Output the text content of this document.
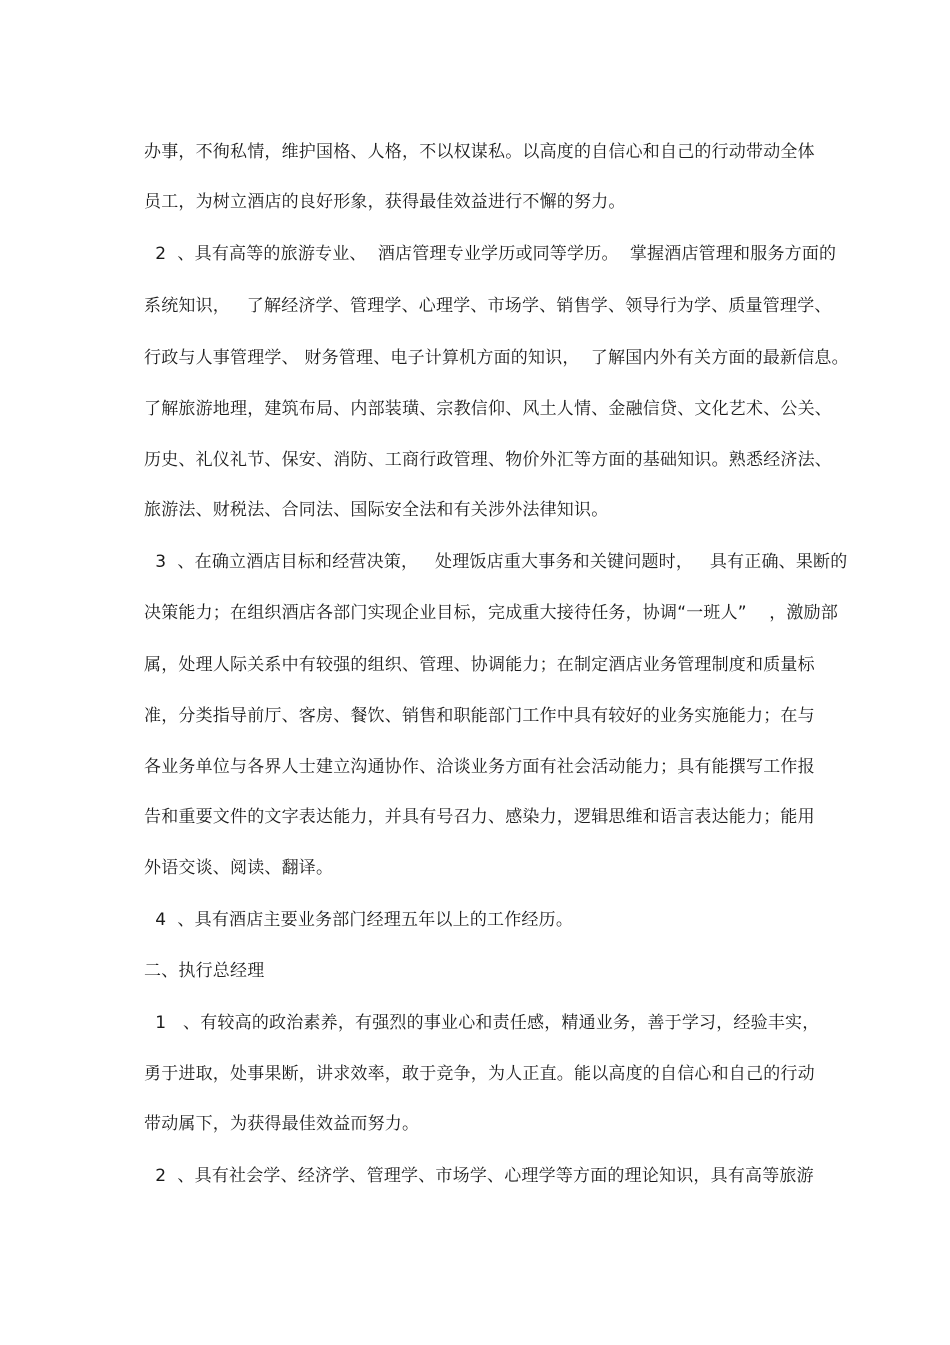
办事，不徇私情，维护国格、人格，不以权谋私。以高度的自信心和自己的行动带动全体
员工，为树立酒店的良好形象，获得最佳效益进行不懈的努力。
2  、具有高等的旅游专业、  酒店管理专业学历或同等学历。  掌握酒店管理和服务方面的
系统知识，   了解经济学、管理学、心理学、市场学、销售学、领导行为学、质量管理学、
行政与人事管理学、 财务管理、电子计算机方面的知识，  了解国内外有关方面的最新信息。
了解旅游地理，建筑布局、内部装璜、宗教信仰、风土人情、金融信贷、文化艺术、公关、
历史、礼仪礼节、保安、消防、工商行政管理、物价外汇等方面的基础知识。熟悉经济法、
旅游法、财税法、合同法、国际安全法和有关涉外法律知识。
3  、在确立酒店目标和经营决策，   处理饭店重大事务和关键问题时，   具有正确、果断的
决策能力；在组织酒店各部门实现企业目标，完成重大接待任务，协调“一班人”    ，激励部
属，处理人际关系中有较强的组织、管理、协调能力；在制定酒店业务管理制度和质量标
准，分类指导前厅、客房、餐饮、销售和职能部门工作中具有较好的业务实施能力；在与
各业务单位与各界人士建立沟通协作、洽谈业务方面有社会活动能力；具有能撰写工作报
告和重要文件的文字表达能力，并具有号召力、感染力，逻辑思维和语言表达能力；能用
外语交谈、阅读、翻译。
4  、具有酒店主要业务部门经理五年以上的工作经历。
二、执行总经理
1   、有较高的政治素养，有强烈的事业心和责任感，精通业务，善于学习，经验丰实，
勇于进取，处事果断，讲求效率，敢于竞争，为人正直。能以高度的自信心和自己的行动
带动属下，为获得最佳效益而努力。
2  、具有社会学、经济学、管理学、市场学、心理学等方面的理论知识，具有高等旅游
